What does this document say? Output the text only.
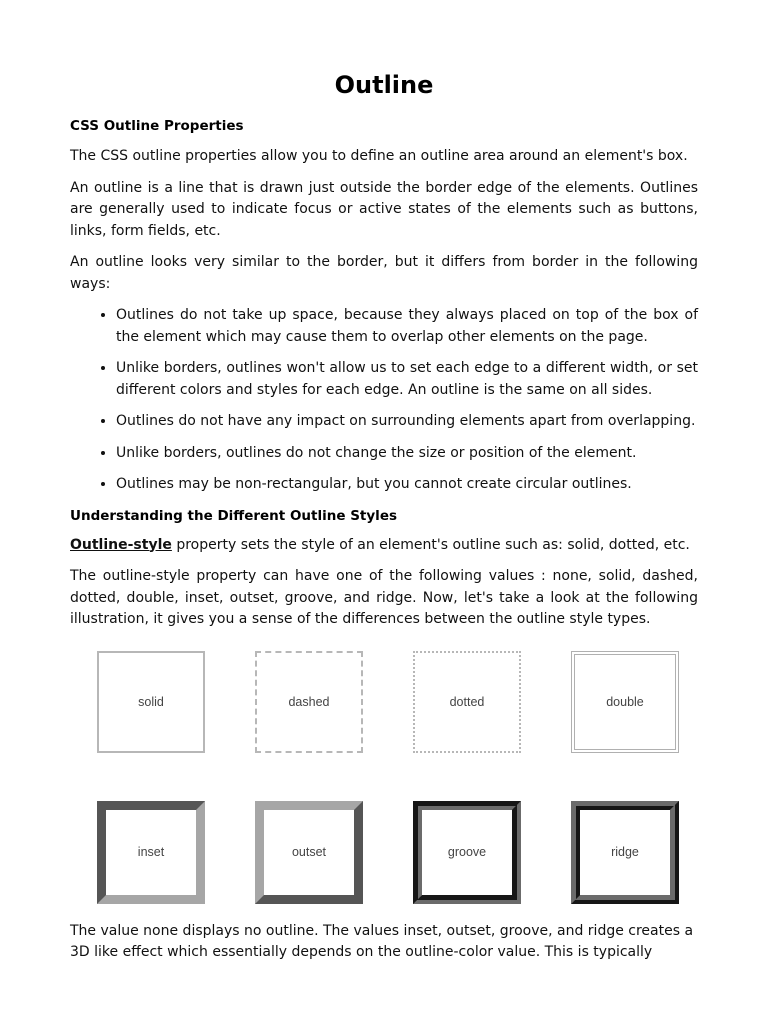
Outline
CSS Outline Properties

The CSS outline properties allow you to define an outline area around an element's box.

An outline is a line that is drawn just outside the border edge of the elements. Outlines are generally used to indicate focus or active states of the elements such as buttons, links, form fields, etc.

An outline looks very similar to the border, but it differs from border in the following ways:

• Outlines do not take up space, because they always placed on top of the box of the element which may cause them to overlap other elements on the page.
• Unlike borders, outlines won't allow us to set each edge to a different width, or set different colors and styles for each edge. An outline is the same on all sides.
• Outlines do not have any impact on surrounding elements apart from overlapping.
• Unlike borders, outlines do not change the size or position of the element.
• Outlines may be non-rectangular, but you cannot create circular outlines.
Understanding the Different Outline Styles

Outline-style property sets the style of an element's outline such as: solid, dotted, etc.

The outline-style property can have one of the following values : none, solid, dashed, dotted, double, inset, outset, groove, and ridge. Now, let's take a look at the following illustration, it gives you a sense of the differences between the outline style types.

solid	dashed	dotted	double
inset	outset	groove	ridge

The value none displays no outline. The values inset, outset, groove, and ridge creates a 3D like effect which essentially depends on the outline-color value. This is typically
